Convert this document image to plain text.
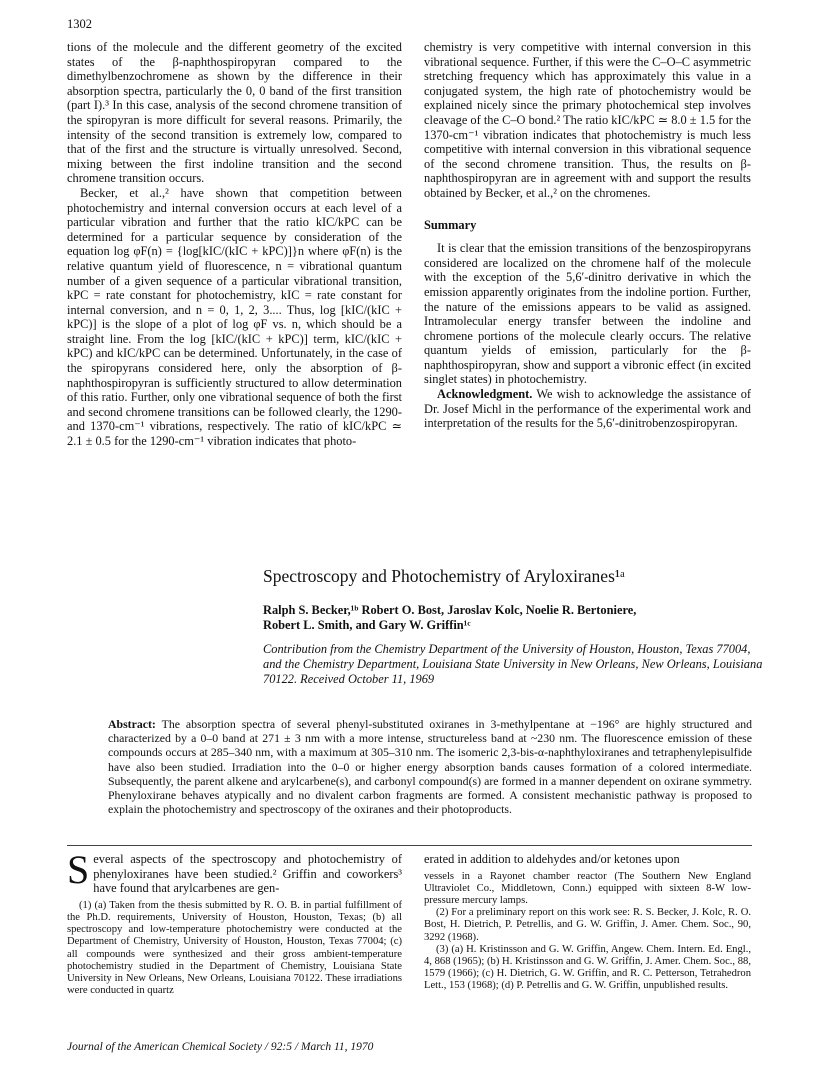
1302

tions of the molecule and the different geometry of the excited states of the β-naphthospiropyran compared to the dimethylbenzochromene as shown by the difference in their absorption spectra, particularly the 0, 0 band of the first transition (part I).³ In this case, analysis of the second chromene transition of the spiropyran is more difficult for several reasons. Primarily, the intensity of the second transition is extremely low, compared to that of the first and the structure is virtually unresolved. Second, mixing between the first indoline transition and the second chromene transition occurs.

Becker, et al.,² have shown that competition between photochemistry and internal conversion occurs at each level of a particular vibration and further that the ratio kIC/kPC can be determined for a particular sequence by consideration of the equation log φF(n) = {log[kIC/(kIC + kPC)]}n where φF(n) is the relative quantum yield of fluorescence, n = vibrational quantum number of a given sequence of a particular vibrational transition, kPC = rate constant for photochemistry, kIC = rate constant for internal conversion, and n = 0, 1, 2, 3.... Thus, log [kIC/(kIC + kPC)] is the slope of a plot of log φF vs. n, which should be a straight line. From the log [kIC/(kIC + kPC)] term, kIC/(kIC + kPC) and kIC/kPC can be determined. Unfortunately, in the case of the spiropyrans considered here, only the absorption of β-naphthospiropyran is sufficiently structured to allow determination of this ratio. Further, only one vibrational sequence of both the first and second chromene transitions can be followed clearly, the 1290- and 1370-cm⁻¹ vibrations, respectively. The ratio of kIC/kPC ≃ 2.1 ± 0.5 for the 1290-cm⁻¹ vibration indicates that photo-

chemistry is very competitive with internal conversion in this vibrational sequence. Further, if this were the C–O–C asymmetric stretching frequency which has approximately this value in a conjugated system, the high rate of photochemistry would be explained nicely since the primary photochemical step involves cleavage of the C–O bond.² The ratio kIC/kPC ≃ 8.0 ± 1.5 for the 1370-cm⁻¹ vibration indicates that photochemistry is much less competitive with internal conversion in this vibrational sequence of the second chromene transition. Thus, the results on β-naphthospiropyran are in agreement with and support the results obtained by Becker, et al.,² on the chromenes.

Summary

It is clear that the emission transitions of the benzospiropyrans considered are localized on the chromene half of the molecule with the exception of the 5,6′-dinitro derivative in which the emission apparently originates from the indoline portion. Further, the nature of the emissions appears to be valid as assigned. Intramolecular energy transfer between the indoline and chromene portions of the molecule clearly occurs. The relative quantum yields of emission, particularly for the β-naphthospiropyran, show and support a vibronic effect (in excited singlet states) in photochemistry.

Acknowledgment. We wish to acknowledge the assistance of Dr. Josef Michl in the performance of the experimental work and interpretation of the results for the 5,6′-dinitrobenzospiropyran.

Spectroscopy and Photochemistry of Aryloxiranes¹ᵃ
Ralph S. Becker,¹ᵇ Robert O. Bost, Jaroslav Kolc, Noelie R. Bertoniere,
Robert L. Smith, and Gary W. Griffin¹ᶜ
Contribution from the Chemistry Department of the University of Houston, Houston, Texas 77004, and the Chemistry Department, Louisiana State University in New Orleans, New Orleans, Louisiana 70122. Received October 11, 1969
Abstract: The absorption spectra of several phenyl-substituted oxiranes in 3-methylpentane at −196° are highly structured and characterized by a 0–0 band at 271 ± 3 nm with a more intense, structureless band at ~230 nm. The fluorescence emission of these compounds occurs at 285–340 nm, with a maximum at 305–310 nm. The isomeric 2,3-bis-α-naphthyloxiranes and tetraphenylepisulfide have also been studied. Irradiation into the 0–0 or higher energy absorption bands causes formation of a colored intermediate. Subsequently, the parent alkene and arylcarbene(s), and carbonyl compound(s) are formed in a manner dependent on oxirane symmetry. Phenyloxirane behaves atypically and no divalent carbon fragments are formed. A consistent mechanistic pathway is proposed to explain the photochemistry and spectroscopy of the oxiranes and their photoproducts.

Several aspects of the spectroscopy and photochemistry of phenyloxiranes have been studied.² Griffin and coworkers³ have found that arylcarbenes are gen-

(1) (a) Taken from the thesis submitted by R. O. B. in partial fulfillment of the Ph.D. requirements, University of Houston, Houston, Texas; (b) all spectroscopy and low-temperature photochemistry were conducted at the Department of Chemistry, University of Houston, Houston, Texas 77004; (c) all compounds were synthesized and their gross ambient-temperature photochemistry studied in the Department of Chemistry, Louisiana State University in New Orleans, New Orleans, Louisiana 70122. These irradiations were conducted in quartz

erated in addition to aldehydes and/or ketones upon

vessels in a Rayonet chamber reactor (The Southern New England Ultraviolet Co., Middletown, Conn.) equipped with sixteen 8-W low-pressure mercury lamps.

(2) For a preliminary report on this work see: R. S. Becker, J. Kolc, R. O. Bost, H. Dietrich, P. Petrellis, and G. W. Griffin, J. Amer. Chem. Soc., 90, 3292 (1968).

(3) (a) H. Kristinsson and G. W. Griffin, Angew. Chem. Intern. Ed. Engl., 4, 868 (1965); (b) H. Kristinsson and G. W. Griffin, J. Amer. Chem. Soc., 88, 1579 (1966); (c) H. Dietrich, G. W. Griffin, and R. C. Petterson, Tetrahedron Lett., 153 (1968); (d) P. Petrellis and G. W. Griffin, unpublished results.

Journal of the American Chemical Society / 92:5 / March 11, 1970
